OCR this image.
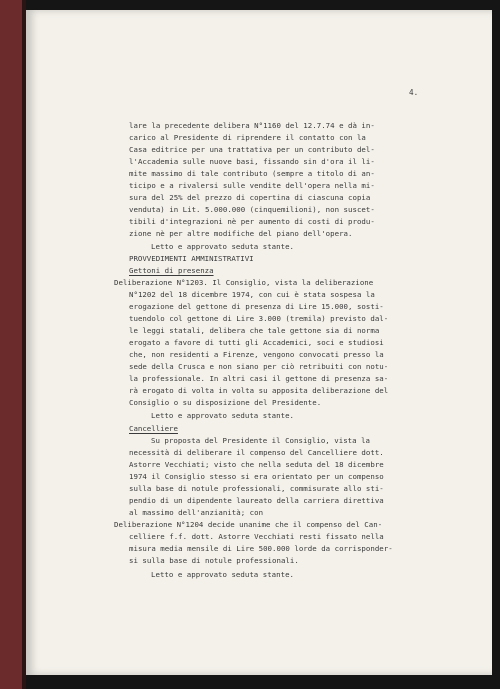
4.
lare la precedente delibera N°1160 del 12.7.74 e dà in-
carico al Presidente di riprendere il contatto con la
Casa editrice per una trattativa per un contributo del-
l'Accademia sulle nuove basi, fissando sin d'ora il li-
mite massimo di tale contributo (sempre a titolo di an-
ticipo e a rivalersi sulle vendite dell'opera nella mi-
sura del 25% del prezzo di copertina di ciascuna copia
venduta) in Lit. 5.000.000 (cinquemilioni), non suscet-
tibili d'integrazioni nè per aumento di costi di produ-
zione nè per altre modifiche del piano dell'opera.
Letto e approvato seduta stante.
PROVVEDIMENTI AMMINISTRATIVI
Gettoni di presenza
Deliberazione N°1203. Il Consiglio, vista la deliberazione
N°1202 del 18 dicembre 1974, con cui è stata sospesa la
erogazione del gettone di presenza di Lire 15.000, sosti-
tuendolo col gettone di Lire 3.000 (tremila) previsto dal-
le leggi statali, delibera che tale gettone sia di norma
erogato a favore di tutti gli Accademici, soci e studiosi
che, non residenti a Firenze, vengono convocati presso la
sede della Crusca e non siano per ciò retribuiti con notu-
la professionale. In altri casi il gettone di presenza sa-
rà erogato di volta in volta su apposita deliberazione del
Consiglio o su disposizione del Presidente.
Letto e approvato seduta stante.
Cancelliere
Su proposta del Presidente il Consiglio, vista la
necessità di deliberare il compenso del Cancelliere dott.
Astorre Vecchiati; visto che nella seduta del 18 dicembre
1974 il Consiglio stesso si era orientato per un compenso
sulla base di notule professionali, commisurate allo sti-
pendio di un dipendente laureato della carriera direttiva
al massimo dell'anzianità; con
Deliberazione N°1204 decide unanime che il compenso del Can-
celliere f.f. dott. Astorre Vecchiati resti fissato nella
misura media mensile di Lire 500.000 lorde da corrisponder-
si sulla base di notule professionali.
Letto e approvato seduta stante.
